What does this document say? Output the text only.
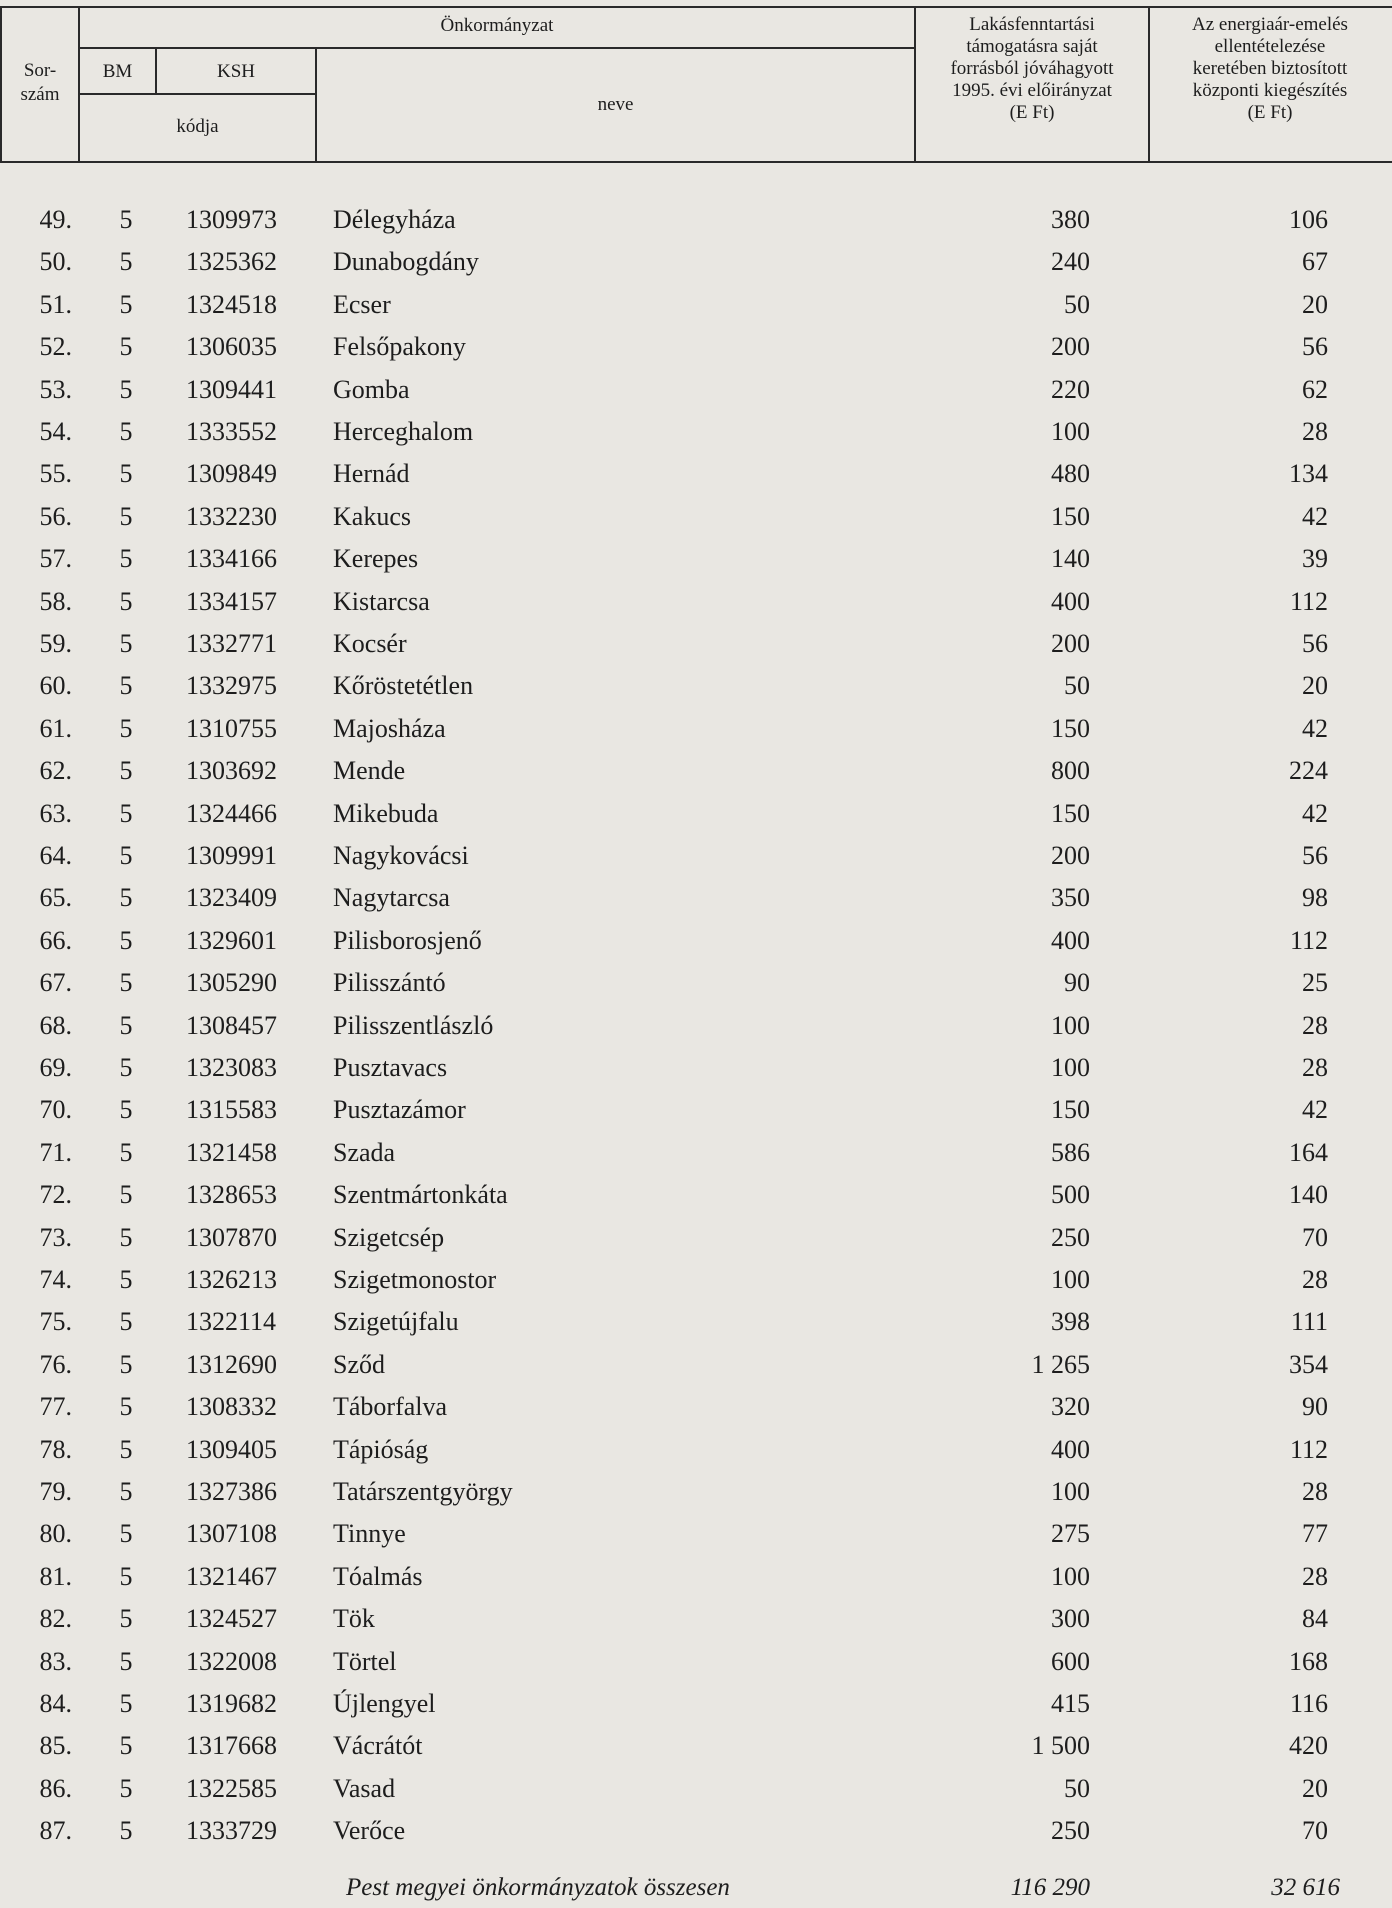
Önkormányzat
Sor-
szám
BM	KSH
kódja
neve
Lakásfenntartási
támogatásra saját
forrásból jóváhagyott
1995. évi előirányzat
(E Ft)
Az energiaár-emelés
ellentételezése
keretében biztosított
központi kiegészítés
(E Ft)
49.	5	1309973	Délegyháza	380	106
50.	5	1325362	Dunabogdány	240	67
51.	5	1324518	Ecser	50	20
52.	5	1306035	Felsőpakony	200	56
53.	5	1309441	Gomba	220	62
54.	5	1333552	Herceghalom	100	28
55.	5	1309849	Hernád	480	134
56.	5	1332230	Kakucs	150	42
57.	5	1334166	Kerepes	140	39
58.	5	1334157	Kistarcsa	400	112
59.	5	1332771	Kocsér	200	56
60.	5	1332975	Kőröstetétlen	50	20
61.	5	1310755	Majosháza	150	42
62.	5	1303692	Mende	800	224
63.	5	1324466	Mikebuda	150	42
64.	5	1309991	Nagykovácsi	200	56
65.	5	1323409	Nagytarcsa	350	98
66.	5	1329601	Pilisborosjenő	400	112
67.	5	1305290	Pilisszántó	90	25
68.	5	1308457	Pilisszentlászló	100	28
69.	5	1323083	Pusztavacs	100	28
70.	5	1315583	Pusztazámor	150	42
71.	5	1321458	Szada	586	164
72.	5	1328653	Szentmártonkáta	500	140
73.	5	1307870	Szigetcsép	250	70
74.	5	1326213	Szigetmonostor	100	28
75.	5	1322114	Szigetújfalu	398	111
76.	5	1312690	Sződ	1 265	354
77.	5	1308332	Táborfalva	320	90
78.	5	1309405	Tápióság	400	112
79.	5	1327386	Tatárszentgyörgy	100	28
80.	5	1307108	Tinnye	275	77
81.	5	1321467	Tóalmás	100	28
82.	5	1324527	Tök	300	84
83.	5	1322008	Törtel	600	168
84.	5	1319682	Újlengyel	415	116
85.	5	1317668	Vácrátót	1 500	420
86.	5	1322585	Vasad	50	20
87.	5	1333729	Verőce	250	70
Pest megyei önkormányzatok összesen	116 290	32 616
